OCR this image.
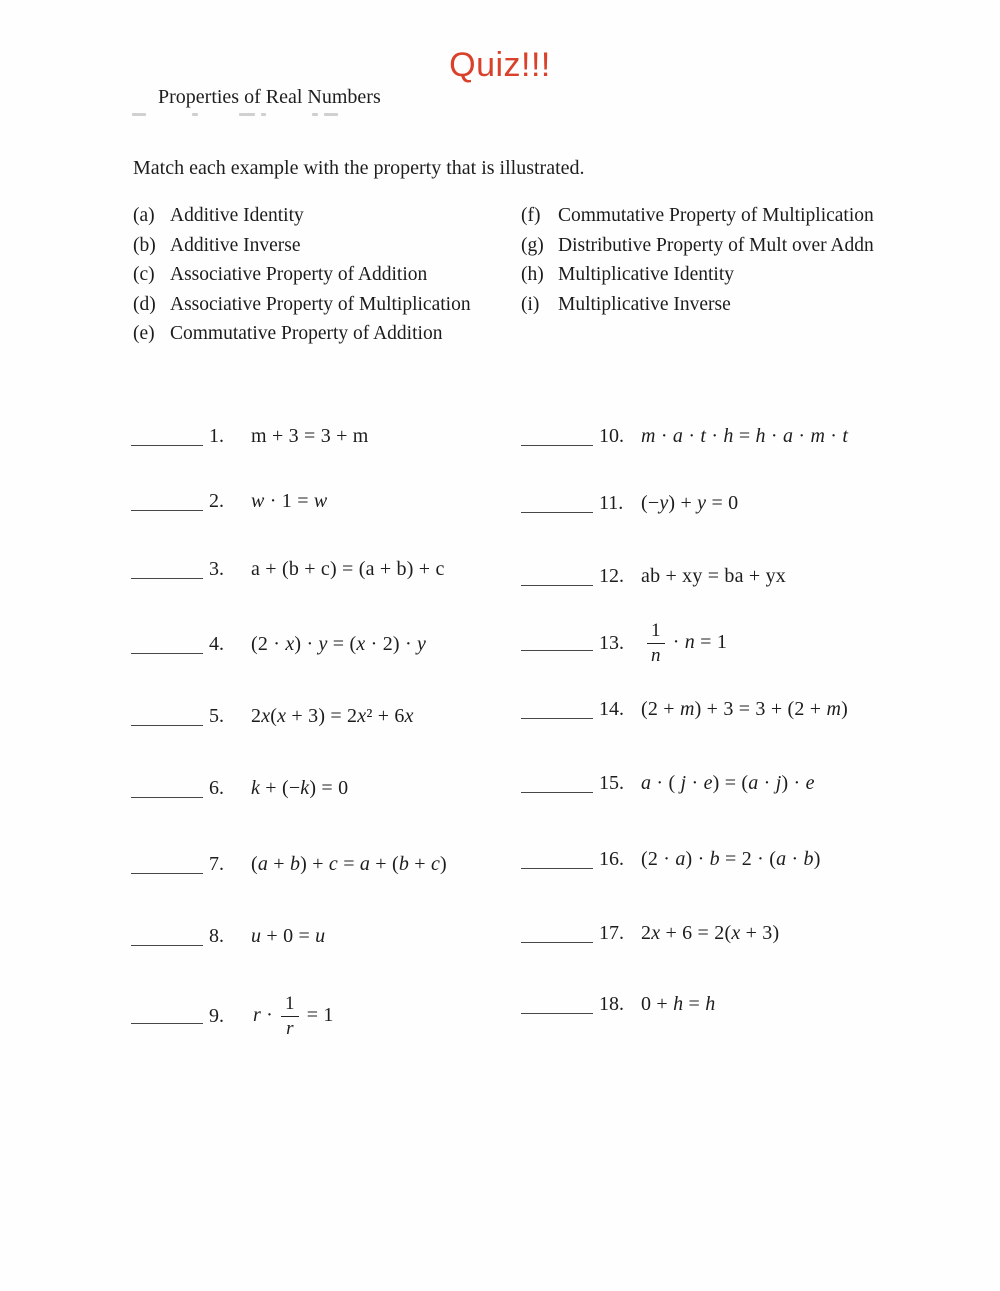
Quiz!!!
Properties of Real Numbers
Match each example with the property that is illustrated.
(a) Additive Identity
(b) Additive Inverse
(c) Associative Property of Addition
(d) Associative Property of Multiplication
(e) Commutative Property of Addition
(f) Commutative Property of Multiplication
(g) Distributive Property of Mult over Addn
(h) Multiplicative Identity
(i) Multiplicative Inverse
1.	m + 3 = 3 + m
2.	w · 1 = w
3.	a + (b + c) = (a + b) + c
4.	(2 · x) · y = (x · 2) · y
5.	2x(x + 3) = 2x² + 6x
6.	k + (−k) = 0
7.	(a + b) + c = a + (b + c)
8.	u + 0 = u
9.	$r \cdot \frac{1}{r} = 1$
10. m · a · t · h = h · a · m · t
11. (−y) + y = 0
12. ab + xy = ba + yx
13.	$\frac{1}{n} \cdot n = 1$
14. (2 + m) + 3 = 3 + (2 + m)
15. a · ( j · e) = (a · j) · e
16. (2 · a) · b = 2 · (a · b)
17. 2x + 6 = 2(x + 3)
18. 0 + h = h
